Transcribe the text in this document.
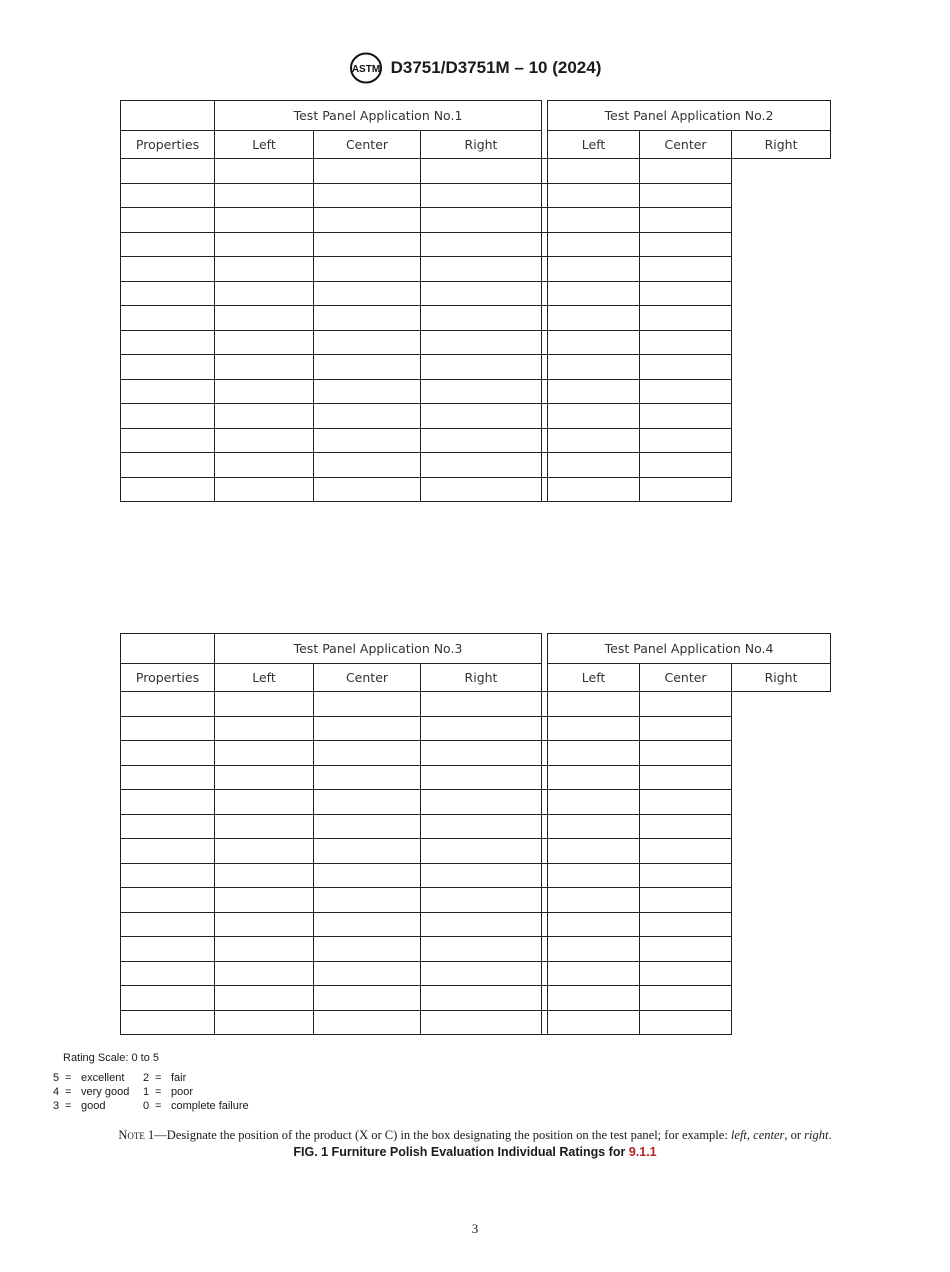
ASTM D3751/D3751M – 10 (2024)
	Test Panel Application No.1				Test Panel Application No.2		
Properties	Left	Center	Right		Left	Center	Right

	Test Panel Application No.3				Test Panel Application No.4		
Properties	Left	Center	Right		Left	Center	Right

Rating Scale: 0 to 5
5 = excellent	2 = fair
4 = very good	1 = poor
3 = good	0 = complete failure
Note 1—Designate the position of the product (X or C) in the box designating the position on the test panel; for example: left, center, or right.
FIG. 1 Furniture Polish Evaluation Individual Ratings for 9.1.1
3
